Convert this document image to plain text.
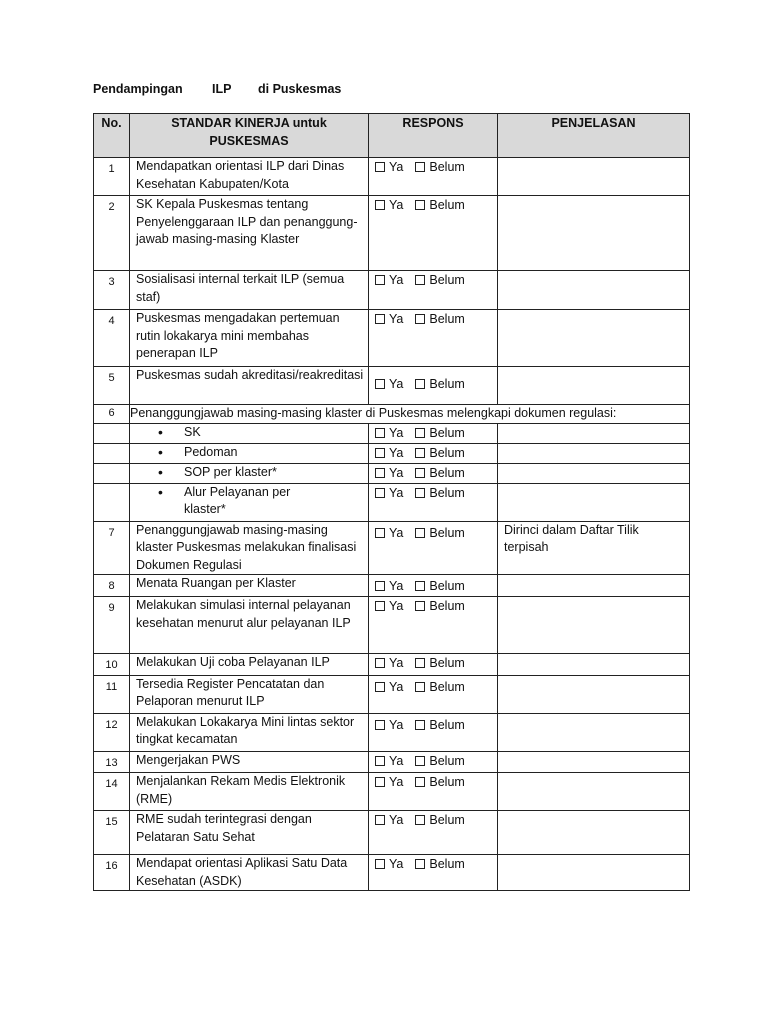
Pendampingan ILP di Puskesmas
No.	STANDAR KINERJA untuk PUSKESMAS	RESPONS	PENJELASAN
1	Mendapatkan orientasi ILP dari Dinas Kesehatan Kabupaten/Kota	Ya Belum	
2	SK Kepala Puskesmas tentang Penyelenggaraan ILP dan penanggung-jawab masing-masing Klaster	Ya Belum	
3	Sosialisasi internal terkait ILP (semua staf)	Ya Belum	
4	Puskesmas mengadakan pertemuan rutin lokakarya mini membahas penerapan ILP	Ya Belum	
5	Puskesmas sudah akreditasi/reakreditasi	Ya Belum	
6	Penanggungjawab masing-masing klaster di Puskesmas melengkapi dokumen regulasi:		
	• SK	Ya Belum	
	• Pedoman	Ya Belum	
	• SOP per klaster*	Ya Belum	
	• Alur Pelayanan per klaster*	Ya Belum	
7	Penanggungjawab masing-masing klaster Puskesmas melakukan finalisasi Dokumen Regulasi	Ya Belum	Dirinci dalam Daftar Tilik terpisah
8	Menata Ruangan per Klaster	Ya Belum	
9	Melakukan simulasi internal pelayanan kesehatan menurut alur pelayanan ILP	Ya Belum	
10	Melakukan Uji coba Pelayanan ILP	Ya Belum	
11	Tersedia Register Pencatatan dan Pelaporan menurut ILP	Ya Belum	
12	Melakukan Lokakarya Mini lintas sektor tingkat kecamatan	Ya Belum	
13	Mengerjakan PWS	Ya Belum	
14	Menjalankan Rekam Medis Elektronik (RME)	Ya Belum	
15	RME sudah terintegrasi dengan Pelataran Satu Sehat	Ya Belum	
16	Mendapat orientasi Aplikasi Satu Data Kesehatan (ASDK)	Ya Belum	
